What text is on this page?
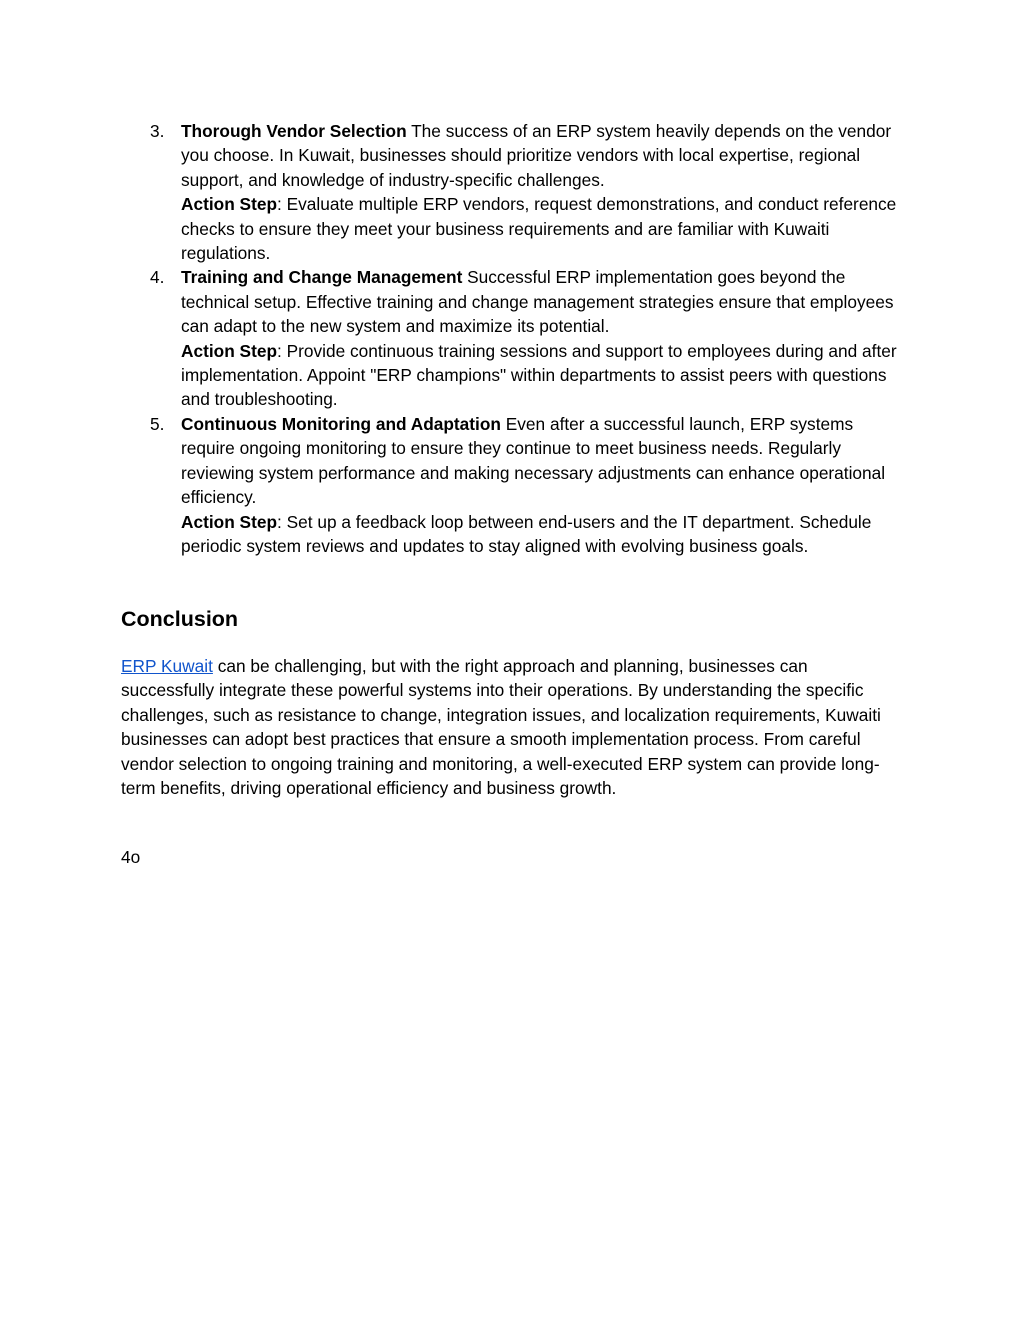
3. Thorough Vendor Selection The success of an ERP system heavily depends on the vendor you choose. In Kuwait, businesses should prioritize vendors with local expertise, regional support, and knowledge of industry-specific challenges.
Action Step: Evaluate multiple ERP vendors, request demonstrations, and conduct reference checks to ensure they meet your business requirements and are familiar with Kuwaiti regulations.
4. Training and Change Management Successful ERP implementation goes beyond the technical setup. Effective training and change management strategies ensure that employees can adapt to the new system and maximize its potential.
Action Step: Provide continuous training sessions and support to employees during and after implementation. Appoint "ERP champions" within departments to assist peers with questions and troubleshooting.
5. Continuous Monitoring and Adaptation Even after a successful launch, ERP systems require ongoing monitoring to ensure they continue to meet business needs. Regularly reviewing system performance and making necessary adjustments can enhance operational efficiency.
Action Step: Set up a feedback loop between end-users and the IT department. Schedule periodic system reviews and updates to stay aligned with evolving business goals.
Conclusion

ERP Kuwait can be challenging, but with the right approach and planning, businesses can successfully integrate these powerful systems into their operations. By understanding the specific challenges, such as resistance to change, integration issues, and localization requirements, Kuwaiti businesses can adopt best practices that ensure a smooth implementation process. From careful vendor selection to ongoing training and monitoring, a well-executed ERP system can provide long-term benefits, driving operational efficiency and business growth.

4o
